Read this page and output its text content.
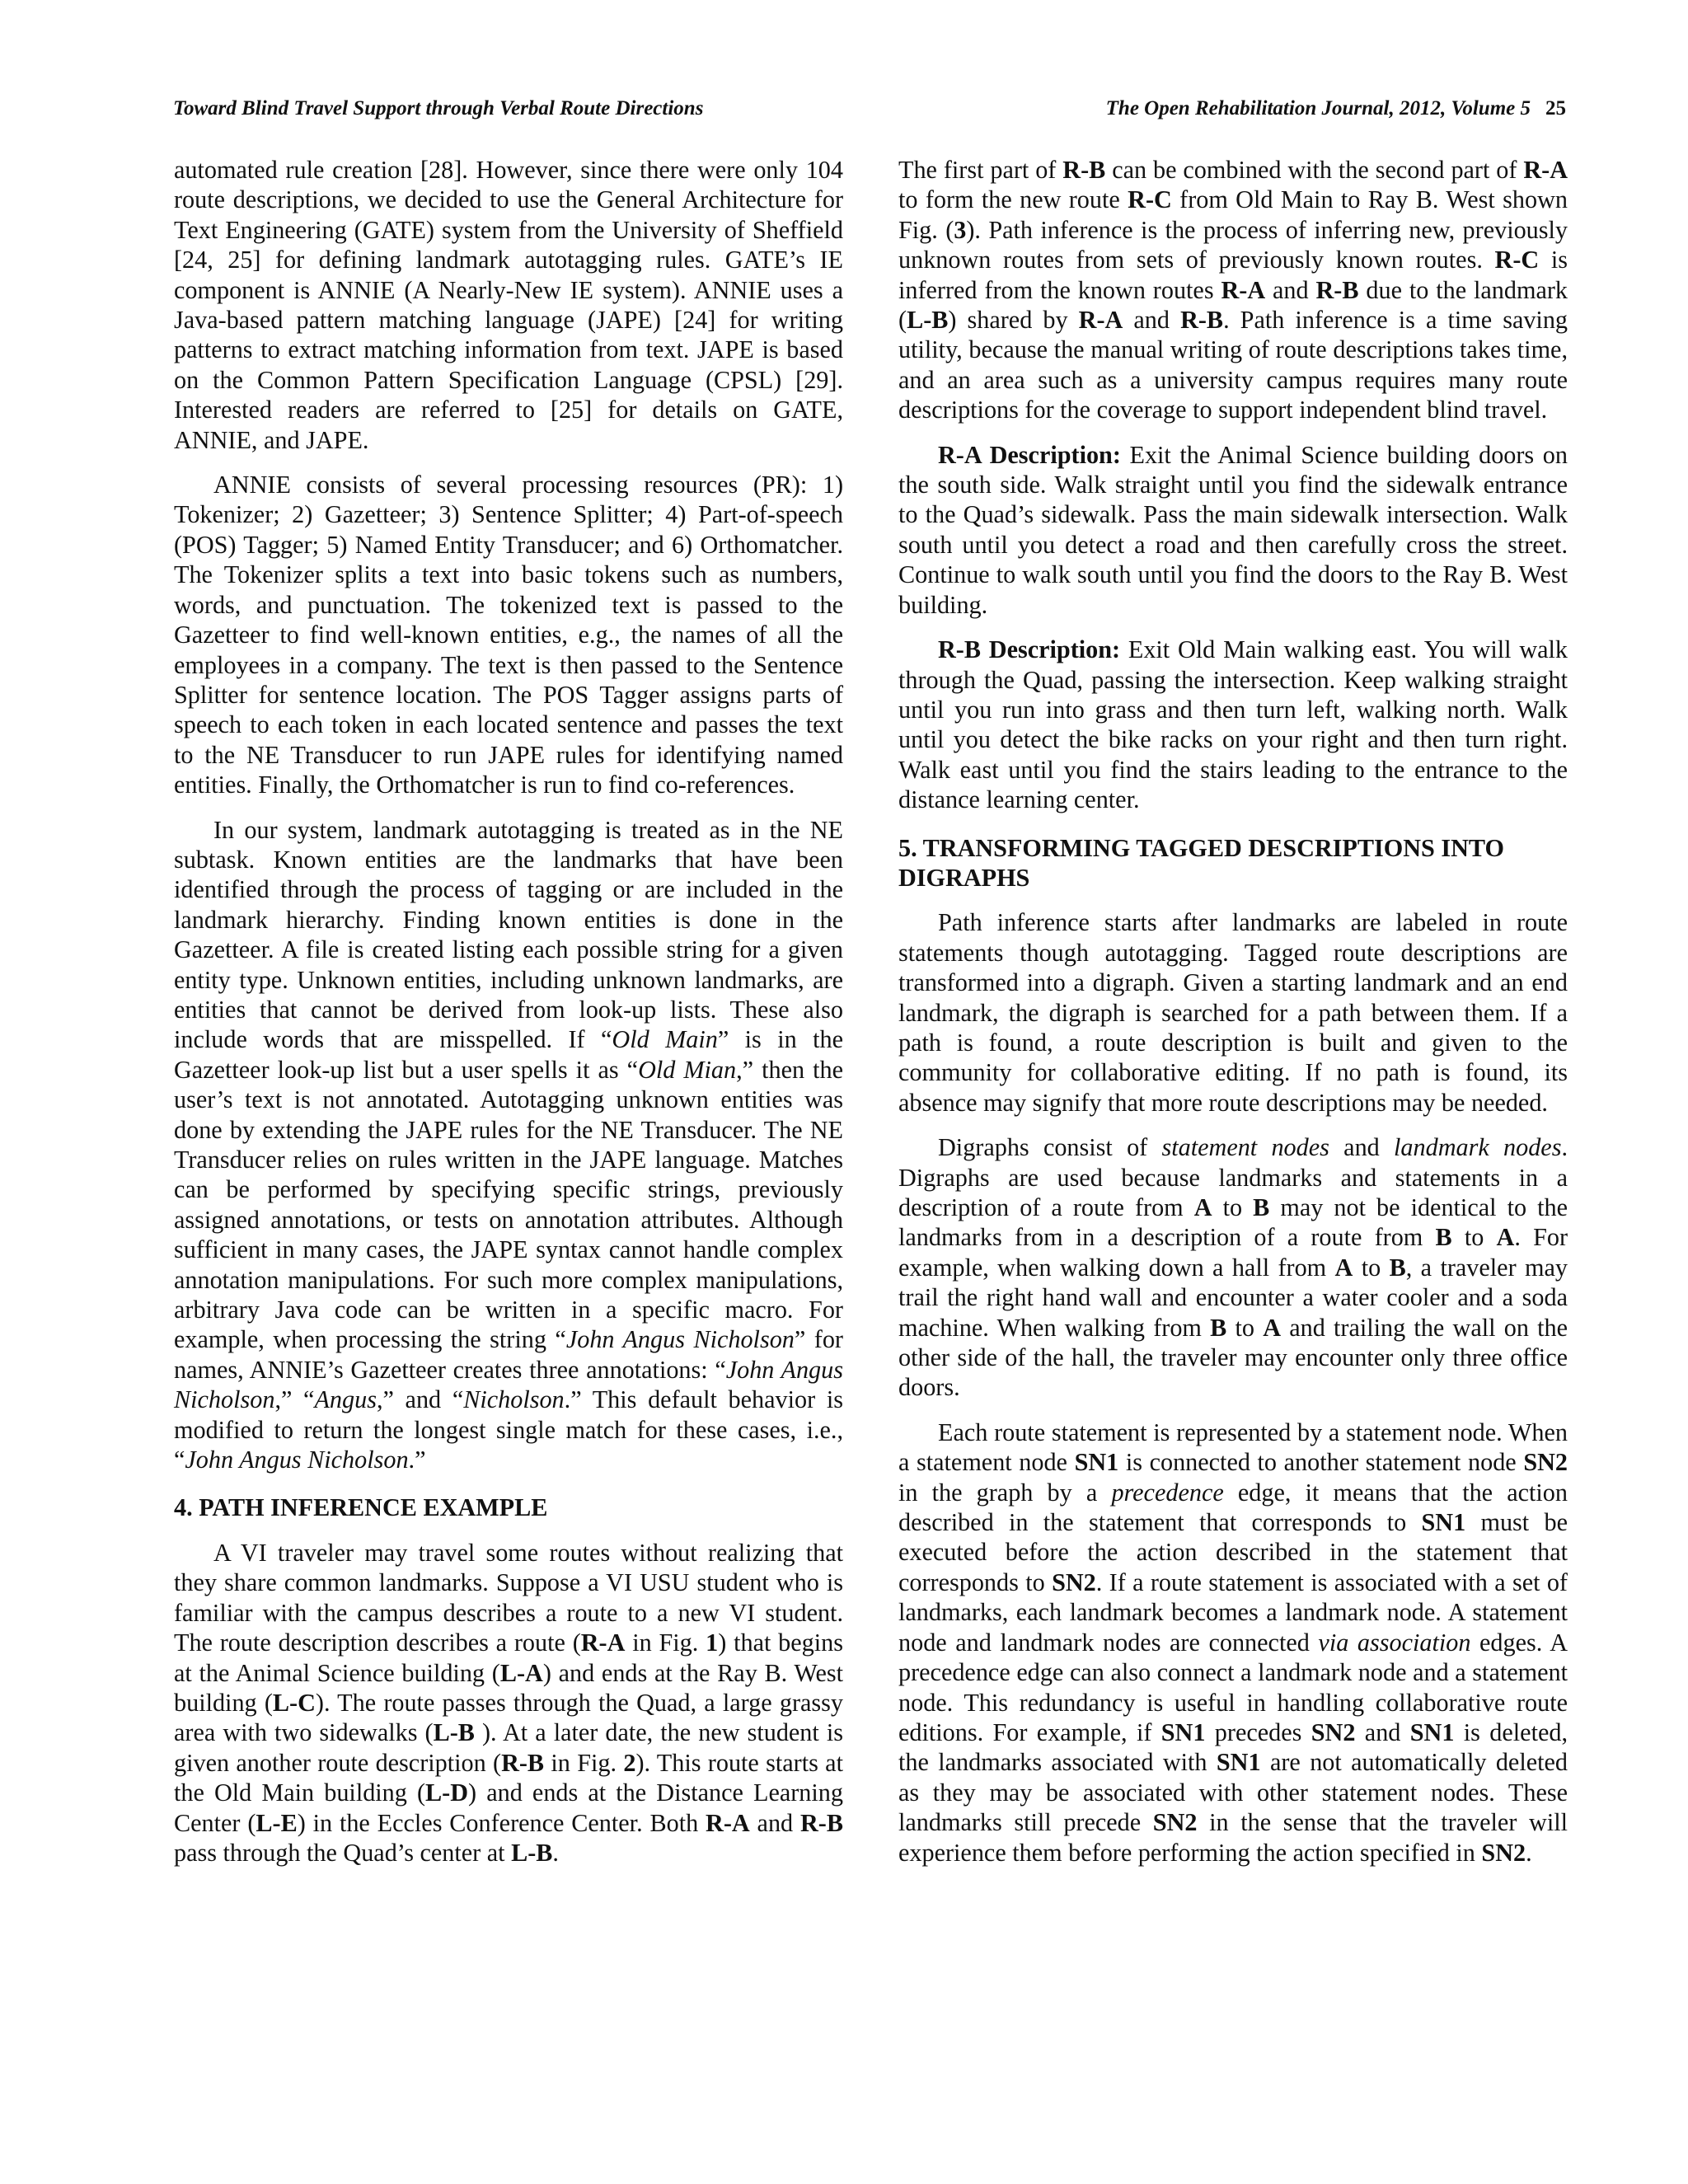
Toward Blind Travel Support through Verbal Route Directions	The Open Rehabilitation Journal, 2012, Volume 5 25

automated rule creation [28]. However, since there were only 104 route descriptions, we decided to use the General Architecture for Text Engineering (GATE) system from the University of Sheffield [24, 25] for defining landmark autotagging rules. GATE’s IE component is ANNIE (A Nearly-New IE system). ANNIE uses a Java-based pattern matching language (JAPE) [24] for writing patterns to extract matching information from text. JAPE is based on the Common Pattern Specification Language (CPSL) [29]. Interested readers are referred to [25] for details on GATE, ANNIE, and JAPE.

ANNIE consists of several processing resources (PR): 1) Tokenizer; 2) Gazetteer; 3) Sentence Splitter; 4) Part-of-speech (POS) Tagger; 5) Named Entity Transducer; and 6) Orthomatcher. The Tokenizer splits a text into basic tokens such as numbers, words, and punctuation. The tokenized text is passed to the Gazetteer to find well-known entities, e.g., the names of all the employees in a company. The text is then passed to the Sentence Splitter for sentence location. The POS Tagger assigns parts of speech to each token in each located sentence and passes the text to the NE Transducer to run JAPE rules for identifying named entities. Finally, the Orthomatcher is run to find co-references.

In our system, landmark autotagging is treated as in the NE subtask. Known entities are the landmarks that have been identified through the process of tagging or are included in the landmark hierarchy. Finding known entities is done in the Gazetteer. A file is created listing each possible string for a given entity type. Unknown entities, including unknown landmarks, are entities that cannot be derived from look-up lists. These also include words that are misspelled. If “Old Main” is in the Gazetteer look-up list but a user spells it as “Old Mian,” then the user’s text is not annotated. Autotagging unknown entities was done by extending the JAPE rules for the NE Transducer. The NE Transducer relies on rules written in the JAPE language. Matches can be performed by specifying specific strings, previously assigned annotations, or tests on annotation attributes. Although sufficient in many cases, the JAPE syntax cannot handle complex annotation manipulations. For such more complex manipulations, arbitrary Java code can be written in a specific macro. For example, when processing the string “John Angus Nicholson” for names, ANNIE’s Gazetteer creates three annotations: “John Angus Nicholson,” “Angus,” and “Nicholson.” This default behavior is modified to return the longest single match for these cases, i.e., “John Angus Nicholson.”

4. PATH INFERENCE EXAMPLE

A VI traveler may travel some routes without realizing that they share common landmarks. Suppose a VI USU student who is familiar with the campus describes a route to a new VI student. The route description describes a route (R-A in Fig. 1) that begins at the Animal Science building (L-A) and ends at the Ray B. West building (L-C). The route passes through the Quad, a large grassy area with two sidewalks (L-B ). At a later date, the new student is given another route description (R-B in Fig. 2). This route starts at the Old Main building (L-D) and ends at the Distance Learning Center (L-E) in the Eccles Conference Center. Both R-A and R-B pass through the Quad’s center at L-B.

The first part of R-B can be combined with the second part of R-A to form the new route R-C from Old Main to Ray B. West shown Fig. (3). Path inference is the process of inferring new, previously unknown routes from sets of previously known routes. R-C is inferred from the known routes R-A and R-B due to the landmark (L-B) shared by R-A and R-B. Path inference is a time saving utility, because the manual writing of route descriptions takes time, and an area such as a university campus requires many route descriptions for the coverage to support independent blind travel.

R-A Description: Exit the Animal Science building doors on the south side. Walk straight until you find the sidewalk entrance to the Quad’s sidewalk. Pass the main sidewalk intersection. Walk south until you detect a road and then carefully cross the street. Continue to walk south until you find the doors to the Ray B. West building.

R-B Description: Exit Old Main walking east. You will walk through the Quad, passing the intersection. Keep walking straight until you run into grass and then turn left, walking north. Walk until you detect the bike racks on your right and then turn right. Walk east until you find the stairs leading to the entrance to the distance learning center.

5. TRANSFORMING TAGGED DESCRIPTIONS INTO DIGRAPHS

Path inference starts after landmarks are labeled in route statements though autotagging. Tagged route descriptions are transformed into a digraph. Given a starting landmark and an end landmark, the digraph is searched for a path between them. If a path is found, a route description is built and given to the community for collaborative editing. If no path is found, its absence may signify that more route descriptions may be needed.

Digraphs consist of statement nodes and landmark nodes. Digraphs are used because landmarks and statements in a description of a route from A to B may not be identical to the landmarks from in a description of a route from B to A. For example, when walking down a hall from A to B, a traveler may trail the right hand wall and encounter a water cooler and a soda machine. When walking from B to A and trailing the wall on the other side of the hall, the traveler may encounter only three office doors.

Each route statement is represented by a statement node. When a statement node SN1 is connected to another statement node SN2 in the graph by a precedence edge, it means that the action described in the statement that corresponds to SN1 must be executed before the action described in the statement that corresponds to SN2. If a route statement is associated with a set of landmarks, each landmark becomes a landmark node. A statement node and landmark nodes are connected via association edges. A precedence edge can also connect a landmark node and a statement node. This redundancy is useful in handling collaborative route editions. For example, if SN1 precedes SN2 and SN1 is deleted, the landmarks associated with SN1 are not automatically deleted as they may be associated with other statement nodes. These landmarks still precede SN2 in the sense that the traveler will experience them before performing the action specified in SN2.
